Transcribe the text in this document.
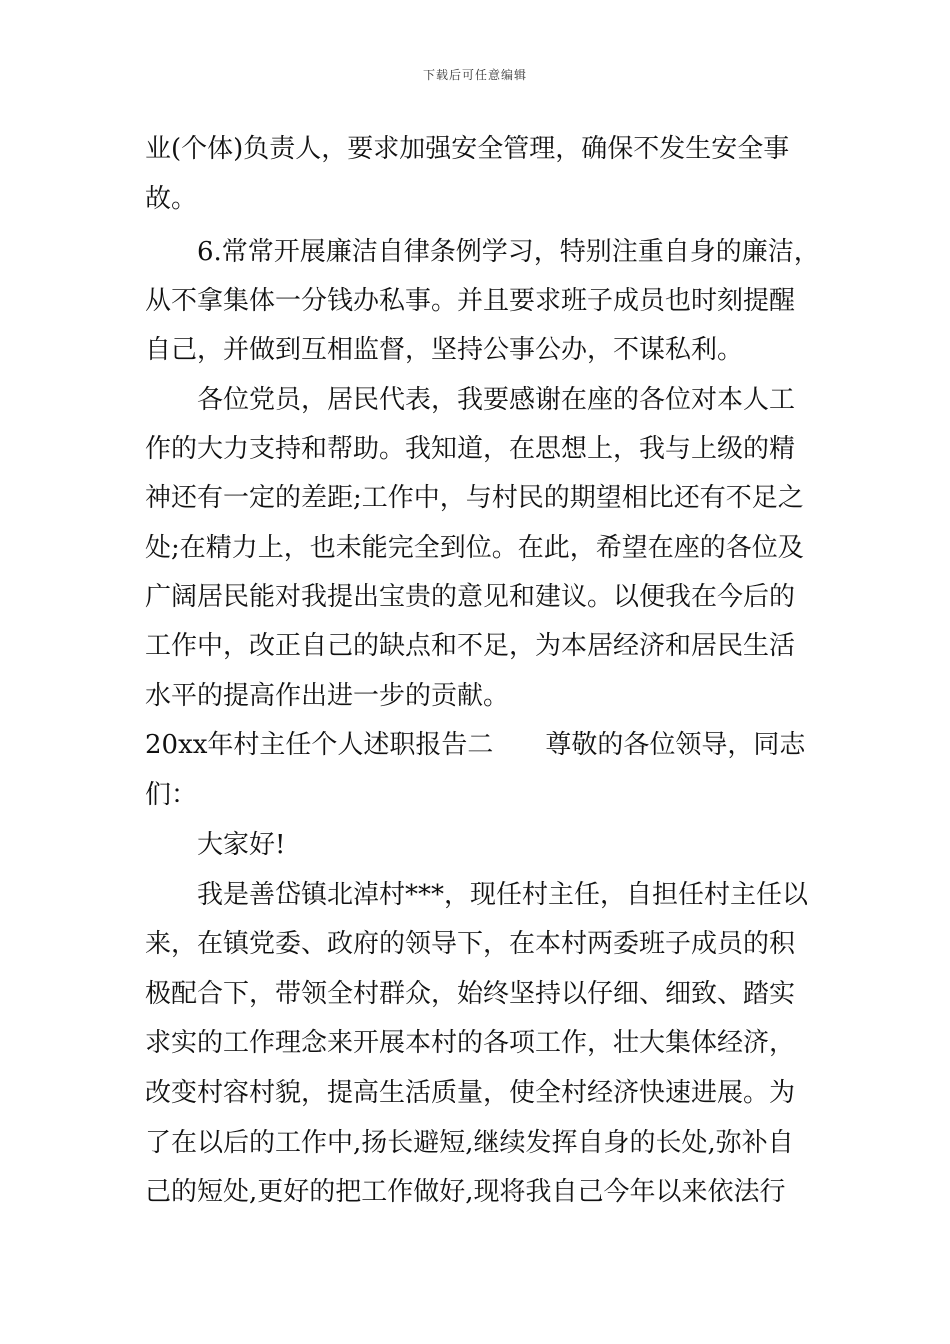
下载后可任意编辑
业(个体)负责人，要求加强安全管理，确保不发生安全事
故。
6.常常开展廉洁自律条例学习，特别注重自身的廉洁，
从不拿集体一分钱办私事。并且要求班子成员也时刻提醒
自己，并做到互相监督，坚持公事公办，不谋私利。
各位党员，居民代表，我要感谢在座的各位对本人工
作的大力支持和帮助。我知道，在思想上，我与上级的精
神还有一定的差距;工作中，与村民的期望相比还有不足之
处;在精力上，也未能完全到位。在此，希望在座的各位及
广阔居民能对我提出宝贵的意见和建议。以便我在今后的
工作中，改正自己的缺点和不足，为本居经济和居民生活
水平的提高作出进一步的贡献。
20xx年村主任个人述职报告二 尊敬的各位领导，同志
们：
大家好!
我是善岱镇北淖村***，现任村主任，自担任村主任以
来，在镇党委、政府的领导下，在本村两委班子成员的积
极配合下，带领全村群众，始终坚持以仔细、细致、踏实
求实的工作理念来开展本村的各项工作，壮大集体经济，
改变村容村貌，提高生活质量，使全村经济快速进展。为
了在以后的工作中,扬长避短,继续发挥自身的长处,弥补自
己的短处,更好的把工作做好,现将我自己今年以来依法行
